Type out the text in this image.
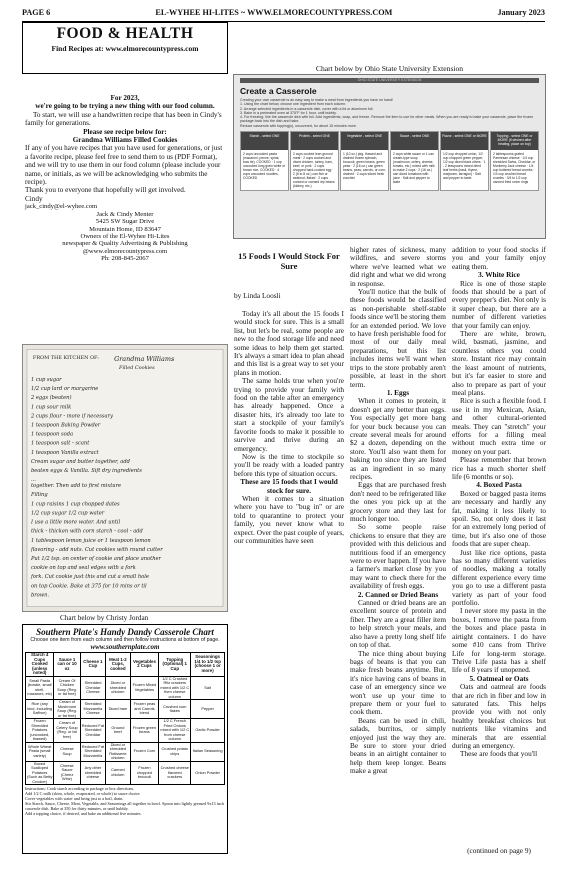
PAGE 6	EL-WYHEE HI-LITES ~ WWW.ELMORECOUNTYPRESS.COM	January 2023
FOOD & HEALTH
Find Recipes at: www.elmorecountypress.com
For 2023,
we're going to be trying a new thing with our food column.
To start, we will use a handwritten recipe that has been in Cindy's family for generations.
Please see recipe below for:
Grandma Williams Filled Cookies
If any of you have recipes that you have used for generations, or just a favorite recipe, please feel free to send them to us (PDF Format), and we will try to use them in our food column (please include your name, or initials, as we will be acknowledging who submits the recipe).
Thank you to everyone that hopefully will get involved.
Cindy
jack_cindy@el-wyhee.com
Jack & Cindy Menter
5425 SW Sugar Drive
Mountain Home, ID 83647
Owners of the El-Wyhee Hi-Lites
newspaper & Quality Advertising & Publishing
@www.elmorecountypress.com
Ph: 208-845-2067
FROM THE KITCHEN OF: Grandma Williams
Filled Cookies
1 cup sugar
1/2 cup lard or margarine
2 eggs (beaten)
1 cup sour milk
2 cups flour - more if necessary
1 teaspoon Baking Powder
1 teaspoon soda
1 teaspoon salt - scant
1 teaspoon Vanilla extract
Cream sugar and butter together, add
beaten eggs & Vanilla. Sift dry ingredients
...
together. Then add to first mixture
Filling
1 cup raisins 1 cup chopped dates
1/2 cup sugar 1/2 cup water
I use a little more water. And until
thick - thicken with corn starch - cool - add
1 tablespoon lemon juice or 1 teaspoon lemon
flavoring - add nuts. Cut cookies with round cutter
Put 1/2 tsp. on center of cookie and place another
cookie on top and seal edges with a fork
fork. Cut cookie just this and cut a small hole
on top Cookie. Bake at 375 for 10 mins or til
brown.
Chart below by Christy Jordan
Southern Plate's Handy Dandy Casserole Chart
Choose one item from each column and then follow instructions at bottom of page.
www.southernplate.com
Starch 4 Cups Cooked (unless noted)	Sauce 1 can or 10 oz	Cheese 1 Cup	Meat 1-2 Cups, cooked	Vegetables 2 Cups	Topping (Optional) 1 Cup	Seasonings 1/4 to 1/2 tsp (choose 1 or more)
Small Pasta (bowtie, small shell, macaroni, etc)	Cream Of Chicken Soup (Reg. or fat free)	Shredded Cheddar Cheese	Diced or shredded chicken	Frozen Mixed Vegetables	1/2 C Crushed Ritz crackers mixed with 1/2 C then cheese column	Salt
Rice (any kind, including Saffron)	Cream of Mushroom Soup (Reg. or fat free)	Shredded Mozzarella Cheese	Diced ham	Frozen peas and Carrots blend	Crushed corn flakes	Pepper
Frozen Shredded Potatoes (uncooked, thawed)	Cream of Celery Soup (Reg. or fat free)	Reduced Fat Shredded Cheddar	Ground beef	Frozen green beans	1/2 C French Fried Onions mixed with 1/2 C from cheese column	Garlic Powder
Whole Wheat Pasta (small variety)	Cheese Soup	Reduced Fat Shredded Mozzarella	Diced or shredded Rotisserie chicken	Frozen Corn	Crushed potato chips	Italian Seasoning
Boxed Scalloped Potatoes (Such as Betty Crocker)	Cheese Sauce (Cheez Whiz)	Any other shredded cheese	Canned chicken	Frozen chopped broccoli	Crushed cheese flavored crackers	Onion Powder
Instructions: Cook starch according to package or box directions.
Add 1/2 C milk (skim, whole, evaporated, or whole) to sauce choice.
Cover vegetables with water and bring just to a boil, drain.
Stir Starch, Sauce, Cheese, Meat, Vegetable, and Seasonings all together in bowl. Spoon into lightly greased 9x13 inch
casserole dish. Bake at 350 for thirty minutes, or until bubbly.
Add a topping choice, if desired, and bake an additional five minutes.
Chart below by Ohio State University Extension
OHIO STATE UNIVERSITY EXTENSION
Create a Casserole
Creating your own casserole is an easy way to make a meal from ingredients you have on hand!
1. Using the chart below, choose one ingredient from each column.
2. Arrange selected ingredients in a casserole dish, cover with a lid or aluminum foil.
3. Bake in a preheated oven at 375°F for 1 hour, until bubbly.
4. For freezing: line the casserole dish with foil. Add ingredients, wrap, and freeze. Remove the item to use for other meals. When you are ready to bake your casserole, place the frozen package back into the dish and bake.
Reduce casserole with topping(s), uncovered, for about 15 minutes more.
Starch - select ONE
2 cups uncooked pasta (macaroni, penne, spiral, bow tie), COOKED · 1 cup uncooked long grain white or brown rice, COOKED · 4 cups uncooked noodles, COOKED
Protein - select ONE
2 cups cooked lean ground meat · 2 cups cooked and diced chicken, turkey, ham, beef, or pork · 2 cups chopped hard-cooked egg · 2 (6 to 8 oz.) can fish or seafood, flaked · 2 cups cooked or canned dry beans (kidney, etc.)
Vegetable - select ONE
1 (10 oz.) pkg. thawed and drained frozen spinach, broccoli, green beans, green peas · 2 (16 oz.) can green beans, peas, carrots, or corn, drained · 2 cups sliced fresh zucchini
Sauce - select ONE
2 cups white sauce or 1 can cream-type soup (mushroom, celery, cheese, tomato, etc.) mixed with milk to make 2 cups · 2 (16 oz.) can diced tomatoes with juice · Salt and pepper to taste
Flavor - select ONE or MORE
1/2 cup chopped onion, 1/2 cup chopped green pepper, 1/2 cup diced black olives · 1 - 2 teaspoons mixed dried leaf herbs (basil, thyme, marjoram, tarragon) · Salt and pepper to taste
Topping - select ONE or MORE (if desired after heating, place on top)
2 tablespoons grated Parmesan cheese · 1/4 cup shredded Swiss, Cheddar, or Monterey Jack cheese · 1/4 cup buttered bread crumbs · 1/4 cup crushed bread crumbs · 3/4 to 1/2 cup canned fried onion rings
15 Foods I Would Stock For Sure
by Linda Loosli

Today it's all about the 15 foods I would stock for sure. This is a small list, but let's be real, some people are new to the food storage life and need some ideas to help them get started. It's always a smart idea to plan ahead and this list is a great way to set your plans in motion.

The same holds true when you're trying to provide your family with food on the table after an emergency has already happened. Once a disaster hits, it's already too late to start a stockpile of your family's favorite foods to make it possible to survive and thrive during an emergency.

Now is the time to stockpile so you'll be ready with a loaded pantry before this type of situation occurs.

These are 15 foods that I would stock for sure.

When it comes to a situation where you have to "bug in" or are told to quarantine to protect your family, you never know what to expect. Over the past couple of years, our communities have seen

higher rates of sickness, many wildfires, and severe storms where we've learned what we did right and what we did wrong in response.

You'll notice that the bulk of these foods would be classified as non-perishable shelf-stable foods since we'll be storing them for an extended period. We love to have fresh perishable food for most of our daily meal preparations, but this list includes items we'll want when trips to the store probably aren't possible, at least in the short term.

1. Eggs

When it comes to protein, it doesn't get any better than eggs. You especially get more bang for your buck because you can create several meals for around $2 a dozen, depending on the store. You'll also want them for baking too since they are listed as an ingredient in so many recipes.

Eggs that are purchased fresh don't need to be refrigerated like the ones you pick up at the grocery store and they last for much longer too.

So some people raise chickens to ensure that they are provided with this delicious and nutritious food if an emergency were to ever happen. If you have a farmer's market close by you may want to check there for the availability of fresh eggs.

2. Canned or Dried Beans

Canned or dried beans are an excellent source of protein and fiber. They are a great filler item to help stretch your meals, and also have a pretty long shelf life on top of that.

The nice thing about buying bags of beans is that you can make fresh beans anytime. But, it's nice having cans of beans in case of an emergency since we won't use up your time to prepare them or your fuel to cook them.

Beans can be used in chili, salads, burritos, or simply enjoyed just the way they are. Be sure to store your dried beans in an airtight container to help them keep longer. Beans make a great

addition to your food stocks if you and your family enjoy eating them.

3. White Rice

Rice is one of those staple foods that should be a part of every prepper's diet. Not only is it super cheap, but there are a number of different varieties that your family can enjoy.

There are white, brown, wild, basmati, jasmine, and countless others you could store. Instant rice may contain the least amount of nutrients, but it's far easier to store and also to prepare as part of your meal plans.

Rice is such a flexible food. I use it in my Mexican, Asian, and other cultural-oriented meals. They can "stretch" your efforts for a filling meal without much extra time or money on your part.

Please remember that brown rice has a much shorter shelf life (6 months or so).

4. Boxed Pasta

Boxed or bagged pasta items are necessary and hardly any fat, making it less likely to spoil. So, not only does it last for an extremely long period of time, but it's also one of those foods that are super cheap.

Just like rice options, pasta has so many different varieties of noodles, making a totally different experience every time you go to use a different pasta variety as part of your food portfolio.

I never store my pasta in the boxes, I remove the pasta from the boxes and place pasta in airtight containers. I do have some #10 cans from Thrive Life for long-term storage. Thrive Life pasta has a shelf life of 8 years if unopened.

5. Oatmeal or Oats

Oats and oatmeal are foods that are rich in fiber and low in saturated fats. This helps provide you with not only healthy breakfast choices but nutrients like vitamins and minerals that are essential during an emergency.

These are foods that you'll

(continued on page 9)
